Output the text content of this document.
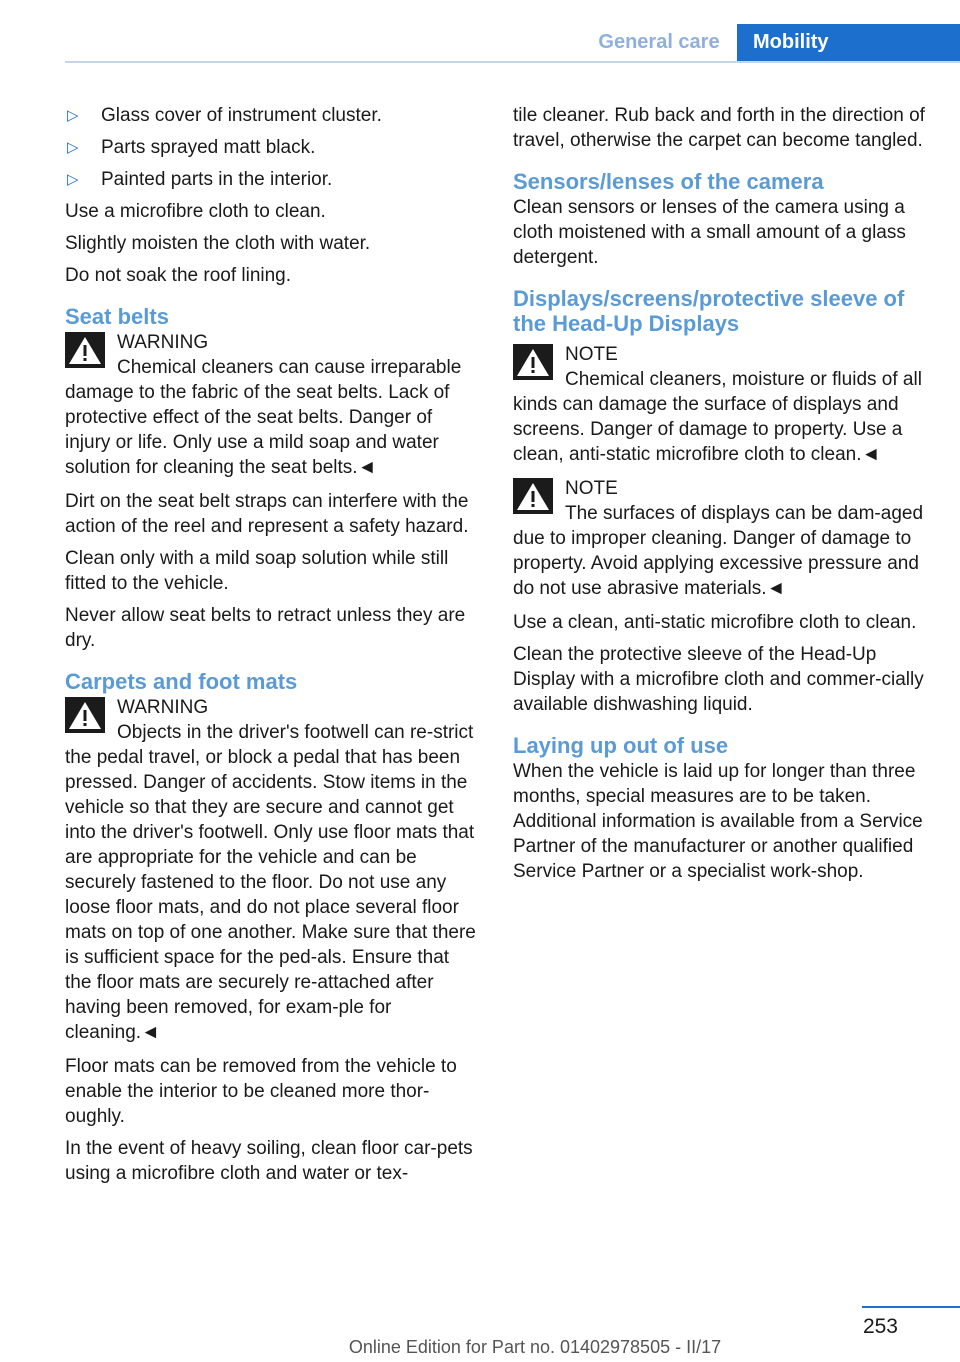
General care	Mobility
▷	Glass cover of instrument cluster.
▷	Parts sprayed matt black.
▷	Painted parts in the interior.

Use a microfibre cloth to clean.

Slightly moisten the cloth with water.

Do not soak the roof lining.

Seat belts
WARNING
Chemical cleaners can cause irreparable damage to the fabric of the seat belts. Lack of protective effect of the seat belts. Danger of injury or life. Only use a mild soap and water solution for cleaning the seat belts.◄

Dirt on the seat belt straps can interfere with the action of the reel and represent a safety hazard.

Clean only with a mild soap solution while still fitted to the vehicle.

Never allow seat belts to retract unless they are dry.

Carpets and foot mats
WARNING
Objects in the driver's footwell can re‐strict the pedal travel, or block a pedal that has been pressed. Danger of accidents. Stow items in the vehicle so that they are secure and cannot get into the driver's footwell. Only use floor mats that are appropriate for the vehicle and can be securely fastened to the floor. Do not use any loose floor mats, and do not place several floor mats on top of one another. Make sure that there is sufficient space for the ped‐als. Ensure that the floor mats are securely re‐attached after having been removed, for exam‐ple for cleaning.◄

Floor mats can be removed from the vehicle to enable the interior to be cleaned more thor‐oughly.

In the event of heavy soiling, clean floor car‐pets using a microfibre cloth and water or tex‐

tile cleaner. Rub back and forth in the direction of travel, otherwise the carpet can become tangled.

Sensors/lenses of the camera

Clean sensors or lenses of the camera using a cloth moistened with a small amount of a glass detergent.

Displays/screens/protective sleeve of the Head-Up Displays
NOTE
Chemical cleaners, moisture or fluids of all kinds can damage the surface of displays and screens. Danger of damage to property. Use a clean, anti-static microfibre cloth to clean.◄
NOTE
The surfaces of displays can be dam‐aged due to improper cleaning. Danger of damage to property. Avoid applying excessive pressure and do not use abrasive materials.◄

Use a clean, anti-static microfibre cloth to clean.

Clean the protective sleeve of the Head-Up Display with a microfibre cloth and commer‐cially available dishwashing liquid.

Laying up out of use

When the vehicle is laid up for longer than three months, special measures are to be taken. Additional information is available from a Service Partner of the manufacturer or another qualified Service Partner or a specialist work‐shop.

253
Online Edition for Part no. 01402978505 - II/17
